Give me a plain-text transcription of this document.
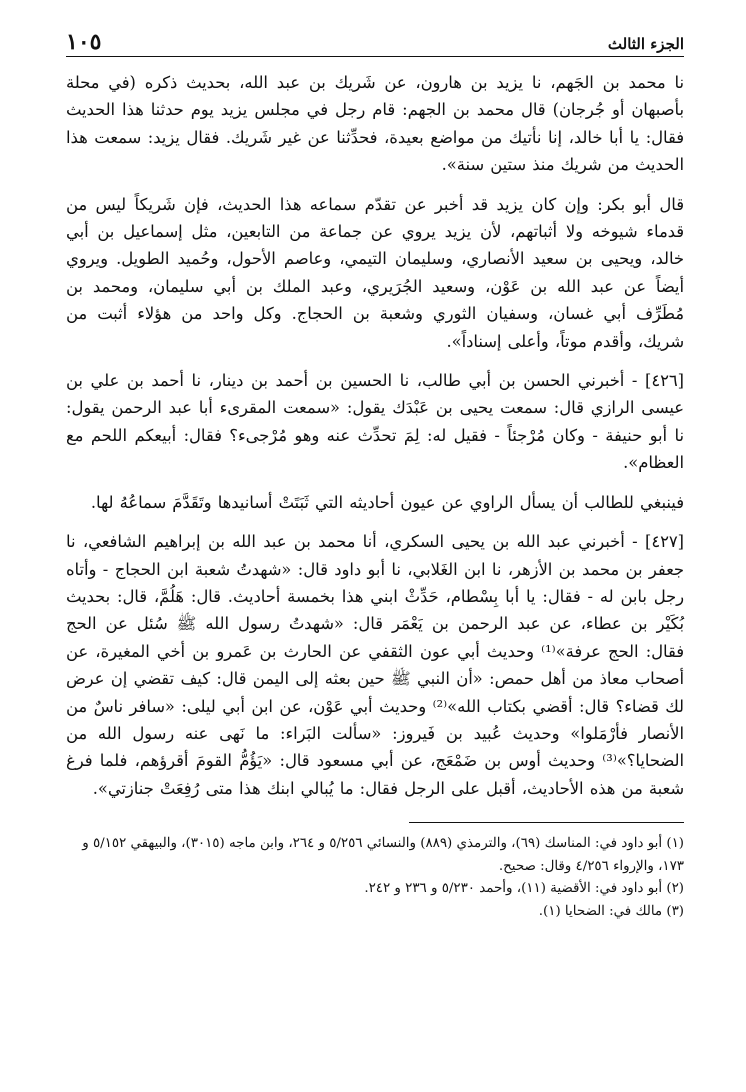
الجزء الثالث
١٠٥

نا محمد بن الجَهم، نا يزيد بن هارون، عن شَريك بن عبد الله، بحديث ذكره (في محلة بأصبهان أو جُرجان) قال محمد بن الجهم: قام رجل في مجلس يزيد يوم حدثنا هذا الحديث فقال: يا أبا خالد، إنا نأتيك من مواضع بعيدة، فحدِّثنا عن غير شَريك. فقال يزيد: سمعت هذا الحديث من شريك منذ ستين سنة».

قال أبو بكر: وإن كان يزيد قد أخبر عن تقدّم سماعه هذا الحديث، فإن شَريكاً ليس من قدماء شيوخه ولا أثباتهم، لأن يزيد يروي عن جماعة من التابعين، مثل إسماعيل بن أبي خالد، ويحيى بن سعيد الأنصاري، وسليمان التيمي، وعاصم الأحول، وحُميد الطويل. ويروي أيضاً عن عبد الله بن عَوْن، وسعيد الجُرَيري، وعبد الملك بن أبي سليمان، ومحمد بن مُطَرِّف أبي غسان، وسفيان الثوري وشعبة بن الحجاج. وكل واحد من هؤلاء أثبت من شريك، وأقدم موتاً، وأعلى إسناداً».

[٤٢٦] - أخبرني الحسن بن أبي طالب، نا الحسين بن أحمد بن دينار، نا أحمد بن علي بن عيسى الرازي قال: سمعت يحيى بن عَبْدَك يقول: «سمعت المقرىء أبا عبد الرحمن يقول: نا أبو حنيفة - وكان مُرْجئاً - فقيل له: لِمَ تحدِّث عنه وهو مُرْجىء؟ فقال: أبيعكم اللحم مع العظام».

فينبغي للطالب أن يسأل الراوي عن عيون أحاديثه التي ثَبَتَتْ أسانيدها وتَقَدَّمَ سماعُهُ لها.

[٤٢٧] - أخبرني عبد الله بن يحيى السكري، أنا محمد بن عبد الله بن إبراهيم الشافعي، نا جعفر بن محمد بن الأزهر، نا ابن الغَلابي، نا أبو داود قال: «شهدتُ شعبة ابن الحجاج - وأتاه رجل بابن له - فقال: يا أبا بِسْطام، حَدِّثْ ابني هذا بخمسة أحاديث. قال: هَلُمَّ، قال: بحديث بُكَيْر بن عطاء، عن عبد الرحمن بن يَعْمَر قال: «شهدتُ رسول الله ﷺ سُئل عن الحج فقال: الحج عرفة»⁽¹⁾ وحديث أبي عون الثقفي عن الحارث بن عَمرو بن أخي المغيرة، عن أصحاب معاذ من أهل حمص: «أن النبي ﷺ حين بعثه إلى اليمن قال: كيف تقضي إن عرض لك قضاء؟ قال: أقضي بكتاب الله»⁽²⁾ وحديث أبي عَوْن، عن ابن أبي ليلى: «سافر ناسٌ من الأنصار فأرْمَلوا» وحديث عُبيد بن فَيروز: «سألت البَراء: ما نَهى عنه رسول الله من الضحايا؟»⁽³⁾ وحديث أوس بن ضَمْعَج، عن أبي مسعود قال: «يَؤُمُّ القومَ أقرؤهم، فلما فرغ شعبة من هذه الأحاديث، أقبل على الرجل فقال: ما يُبالي ابنك هذا متى رُفِعَتْ جنازتي».

(١) أبو داود في: المناسك (٦٩)، والترمذي (٨٨٩) والنسائي ٥/٢٥٦ و ٢٦٤، وابن ماجه (٣٠١٥)، والبيهقي ٥/١٥٢ و ١٧٣، والإرواء ٤/٢٥٦ وقال: صحيح.

(٢) أبو داود في: الأقضية (١١)، وأحمد ٥/٢٣٠ و ٢٣٦ و ٢٤٢.

(٣) مالك في: الضحايا (١).
